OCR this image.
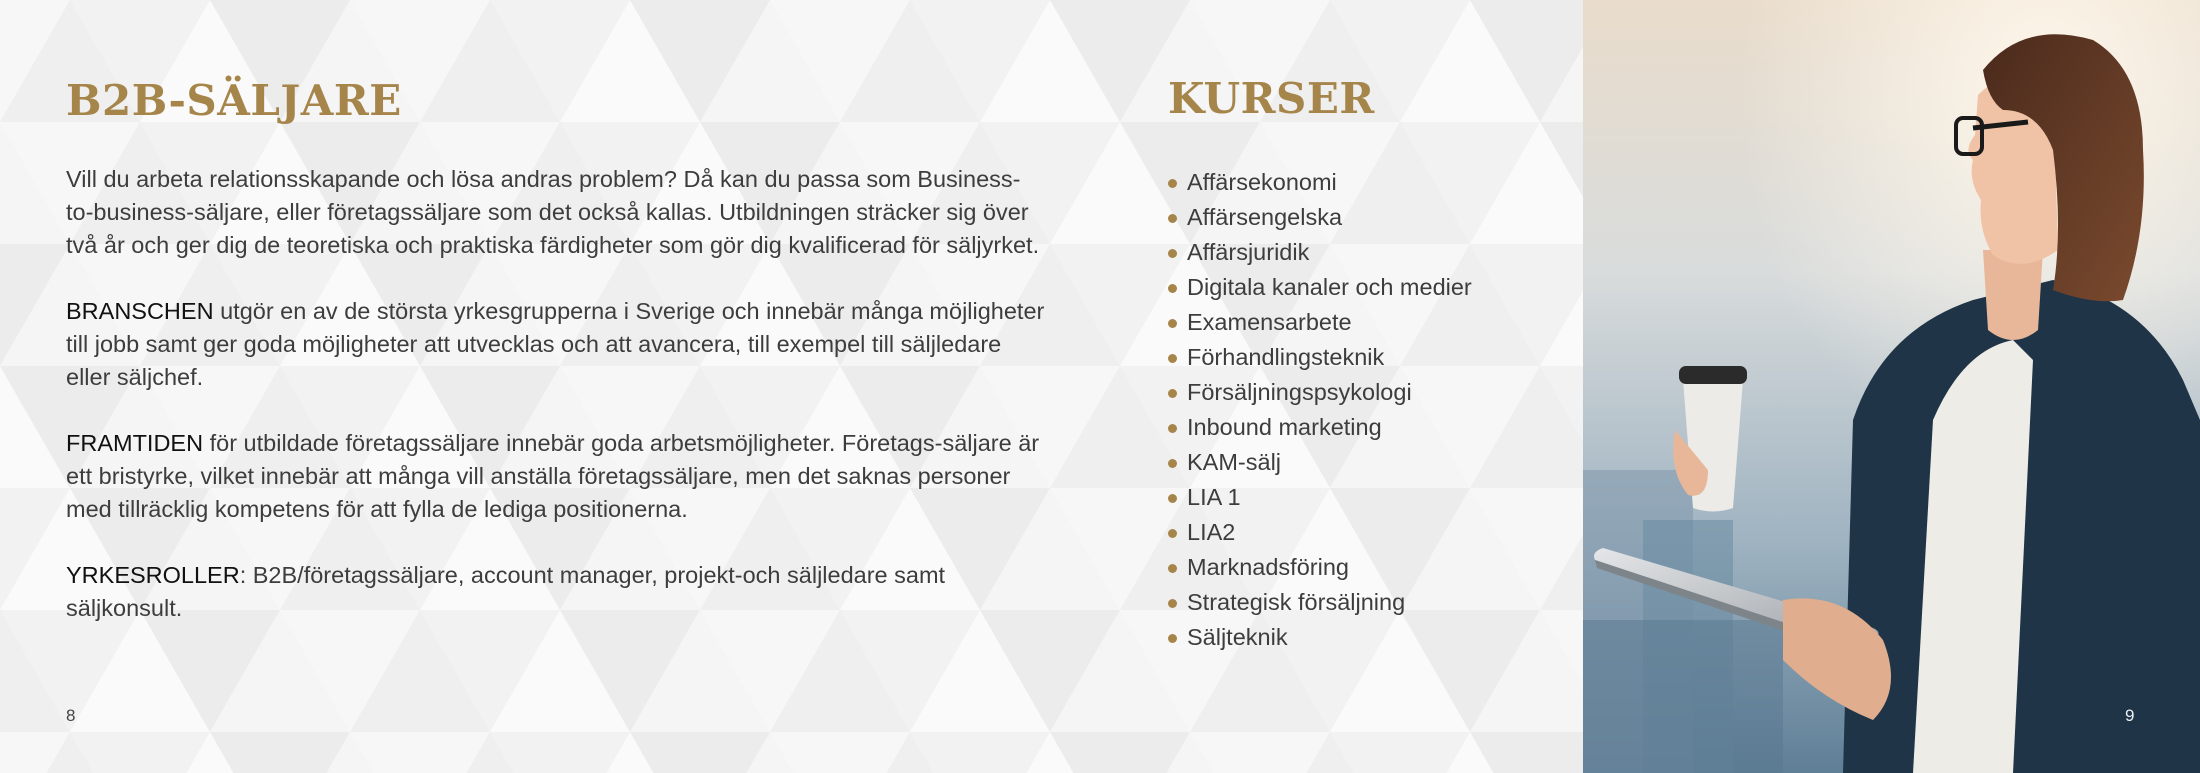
B2B-SÄLJARE

Vill du arbeta relationsskapande och lösa andras problem? Då kan du passa som Business-to-business-säljare, eller företagssäljare som det också kallas. Utbildningen sträcker sig över två år och ger dig de teoretiska och praktiska färdigheter som gör dig kvalificerad för säljyrket.

BRANSCHEN utgör en av de största yrkesgrupperna i Sverige och innebär många möjligheter till jobb samt ger goda möjligheter att utvecklas och att avancera, till exempel till säljledare eller säljchef.

FRAMTIDEN för utbildade företagssäljare innebär goda arbetsmöjligheter. Företags-säljare är ett bristyrke, vilket innebär att många vill anställa företagssäljare, men det saknas personer med tillräcklig kompetens för att fylla de lediga positionerna.

YRKESROLLER: B2B/företagssäljare, account manager, projekt-och säljledare samt säljkonsult.

8
KURSER
Affärsekonomi
Affärsengelska
Affärsjuridik
Digitala kanaler och medier
Examensarbete
Förhandlingsteknik
Försäljningspsykologi
Inbound marketing
KAM-sälj
LIA 1
LIA2
Marknadsföring
Strategisk försäljning
Säljteknik
9
